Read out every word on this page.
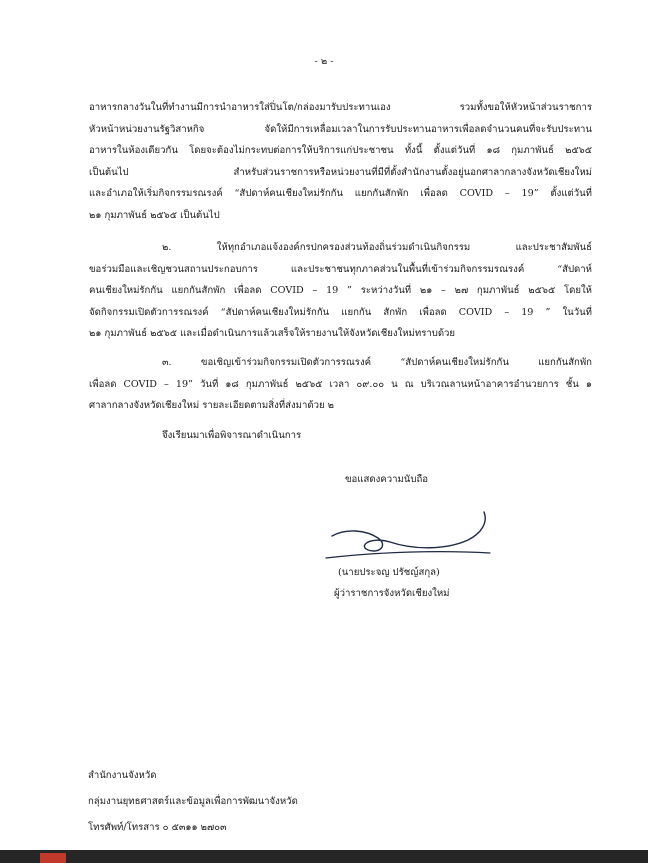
- ๒ -
อาหารกลางวันในที่ทำงานมีการนำอาหารใส่ปิ่นโต/กล่องมารับประทานเอง รวมทั้งขอให้หัวหน้าส่วนราชการ
หัวหน้าหน่วยงานรัฐวิสาหกิจ จัดให้มีการเหลื่อมเวลาในการรับประทานอาหารเพื่อลดจำนวนคนที่จะรับประทาน
อาหารในห้องเดียวกัน โดยจะต้องไม่กระทบต่อการให้บริการแก่ประชาชน ทั้งนี้ ตั้งแต่วันที่ ๑๘ กุมภาพันธ์ ๒๕๖๕
เป็นต้นไป สำหรับส่วนราชการหรือหน่วยงานที่มีที่ตั้งสำนักงานตั้งอยู่นอกศาลากลางจังหวัดเชียงใหม่
และอำเภอให้เริ่มกิจกรรมรณรงค์ “สัปดาห์คนเชียงใหม่รักกัน แยกกันสักพัก เพื่อลด COVID – 19” ตั้งแต่วันที่
๒๑ กุมภาพันธ์ ๒๕๖๕ เป็นต้นไป
๒. ให้ทุกอำเภอแจ้งองค์กรปกครองส่วนท้องถิ่นร่วมดำเนินกิจกรรม และประชาสัมพันธ์
ขอร่วมมือและเชิญชวนสถานประกอบการ และประชาชนทุกภาคส่วนในพื้นที่เข้าร่วมกิจกรรมรณรงค์ “สัปดาห์
คนเชียงใหม่รักกัน แยกกันสักพัก เพื่อลด COVID – 19 ” ระหว่างวันที่ ๒๑ – ๒๗ กุมภาพันธ์ ๒๕๖๕ โดยให้
จัดกิจกรรมเปิดตัวการรณรงค์ “สัปดาห์คนเชียงใหม่รักกัน แยกกัน สักพัก เพื่อลด COVID – 19 ” ในวันที่
๒๑ กุมภาพันธ์ ๒๕๖๕ และเมื่อดำเนินการแล้วเสร็จให้รายงานให้จังหวัดเชียงใหม่ทราบด้วย
๓. ขอเชิญเข้าร่วมกิจกรรมเปิดตัวการรณรงค์ “สัปดาห์คนเชียงใหม่รักกัน แยกกันสักพัก
เพื่อลด COVID – 19” วันที่ ๑๘ กุมภาพันธ์ ๒๕๖๕ เวลา ๐๙.๐๐ น ณ บริเวณลานหน้าอาคารอำนวยการ ชั้น ๑
ศาลากลางจังหวัดเชียงใหม่ รายละเอียดตามสิ่งที่ส่งมาด้วย ๒
จึงเรียนมาเพื่อพิจารณาดำเนินการ
ขอแสดงความนับถือ
(นายประจญ ปรัชญ์สกุล)
ผู้ว่าราชการจังหวัดเชียงใหม่
สำนักงานจังหวัด
กลุ่มงานยุทธศาสตร์และข้อมูลเพื่อการพัฒนาจังหวัด
โทรศัพท์/โทรสาร ๐ ๕๓๑๑ ๒๗๐๓
